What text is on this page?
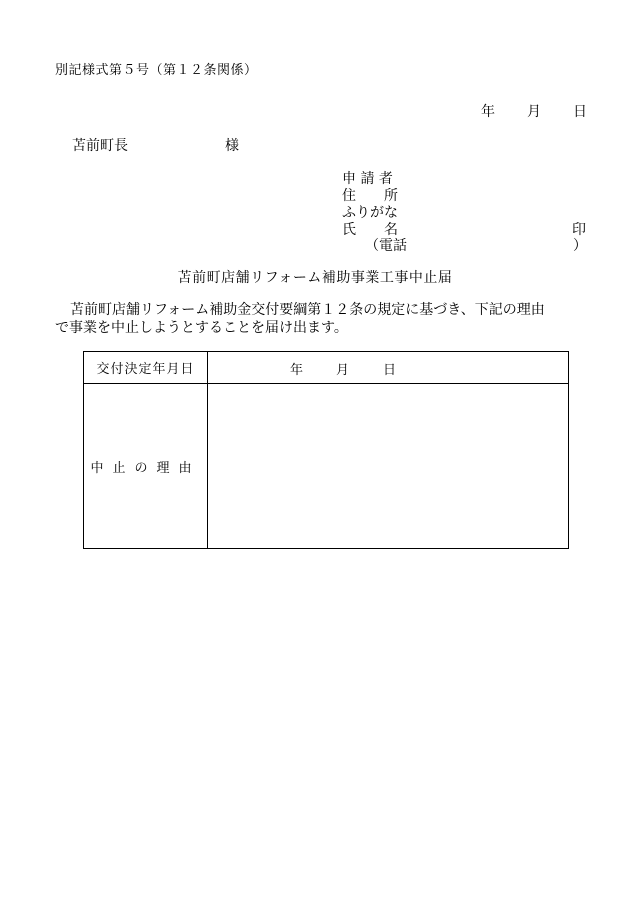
別記様式第５号（第１２条関係）
年 月 日
苫前町長	様
申 請 者
住　　所
ふりがな
氏　　名	印
（電話	）
苫前町店舗リフォーム補助事業工事中止届

苫前町店舗リフォーム補助金交付要綱第１２条の規定に基づき、下記の理由

で事業を中止しようとすることを届け出ます。

交付決定年月日	年 月 日

中止の理由	
